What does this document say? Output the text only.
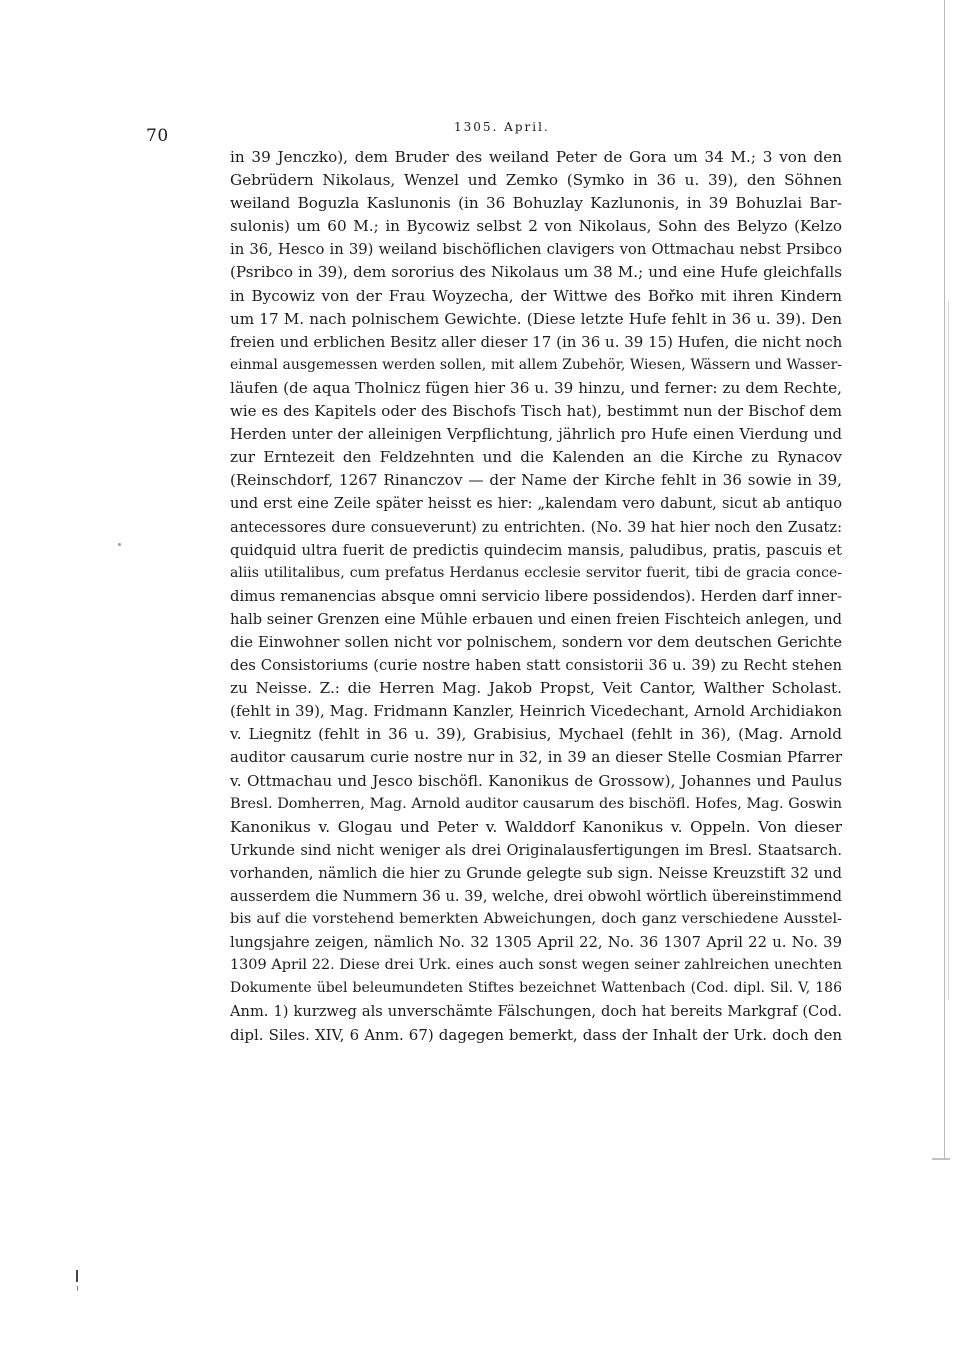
70	1305. April.
in 39 Jenczko), dem Bruder des weiland Peter de Gora um 34 M.; 3 von den
Gebrüdern Nikolaus, Wenzel und Zemko (Symko in 36 u. 39), den Söhnen
weiland Boguzla Kaslunonis (in 36 Bohuzlay Kazlunonis, in 39 Bohuzlai Bar-
sulonis) um 60 M.; in Bycowiz selbst 2 von Nikolaus, Sohn des Belyzo (Kelzo
in 36, Hesco in 39) weiland bischöflichen clavigers von Ottmachau nebst Prsibco
(Psribco in 39), dem sororius des Nikolaus um 38 M.; und eine Hufe gleichfalls
in Bycowiz von der Frau Woyzecha, der Wittwe des Bořko mit ihren Kindern
um 17 M. nach polnischem Gewichte. (Diese letzte Hufe fehlt in 36 u. 39). Den
freien und erblichen Besitz aller dieser 17 (in 36 u. 39 15) Hufen, die nicht noch
einmal ausgemessen werden sollen, mit allem Zubehör, Wiesen, Wässern und Wasser-
läufen (de aqua Tholnicz fügen hier 36 u. 39 hinzu, und ferner: zu dem Rechte,
wie es des Kapitels oder des Bischofs Tisch hat), bestimmt nun der Bischof dem
Herden unter der alleinigen Verpflichtung, jährlich pro Hufe einen Vierdung und
zur Erntezeit den Feldzehnten und die Kalenden an die Kirche zu Rynacov
(Reinschdorf, 1267 Rinanczov — der Name der Kirche fehlt in 36 sowie in 39,
und erst eine Zeile später heisst es hier: „kalendam vero dabunt, sicut ab antiquo
antecessores dure consueverunt) zu entrichten. (No. 39 hat hier noch den Zusatz:
quidquid ultra fuerit de predictis quindecim mansis, paludibus, pratis, pascuis et
aliis utilitalibus, cum prefatus Herdanus ecclesie servitor fuerit, tibi de gracia conce-
dimus remanencias absque omni servicio libere possidendos). Herden darf inner-
halb seiner Grenzen eine Mühle erbauen und einen freien Fischteich anlegen, und
die Einwohner sollen nicht vor polnischem, sondern vor dem deutschen Gerichte
des Consistoriums (curie nostre haben statt consistorii 36 u. 39) zu Recht stehen
zu Neisse. Z.: die Herren Mag. Jakob Propst, Veit Cantor, Walther Scholast.
(fehlt in 39), Mag. Fridmann Kanzler, Heinrich Vicedechant, Arnold Archidiakon
v. Liegnitz (fehlt in 36 u. 39), Grabisius, Mychael (fehlt in 36), (Mag. Arnold
auditor causarum curie nostre nur in 32, in 39 an dieser Stelle Cosmian Pfarrer
v. Ottmachau und Jesco bischöfl. Kanonikus de Grossow), Johannes und Paulus
Bresl. Domherren, Mag. Arnold auditor causarum des bischöfl. Hofes, Mag. Goswin
Kanonikus v. Glogau und Peter v. Walddorf Kanonikus v. Oppeln. Von dieser
Urkunde sind nicht weniger als drei Originalausfertigungen im Bresl. Staatsarch.
vorhanden, nämlich die hier zu Grunde gelegte sub sign. Neisse Kreuzstift 32 und
ausserdem die Nummern 36 u. 39, welche, drei obwohl wörtlich übereinstimmend
bis auf die vorstehend bemerkten Abweichungen, doch ganz verschiedene Ausstel-
lungsjahre zeigen, nämlich No. 32 1305 April 22, No. 36 1307 April 22 u. No. 39
1309 April 22. Diese drei Urk. eines auch sonst wegen seiner zahlreichen unechten
Dokumente übel beleumundeten Stiftes bezeichnet Wattenbach (Cod. dipl. Sil. V, 186
Anm. 1) kurzweg als unverschämte Fälschungen, doch hat bereits Markgraf (Cod.
dipl. Siles. XIV, 6 Anm. 67) dagegen bemerkt, dass der Inhalt der Urk. doch den
